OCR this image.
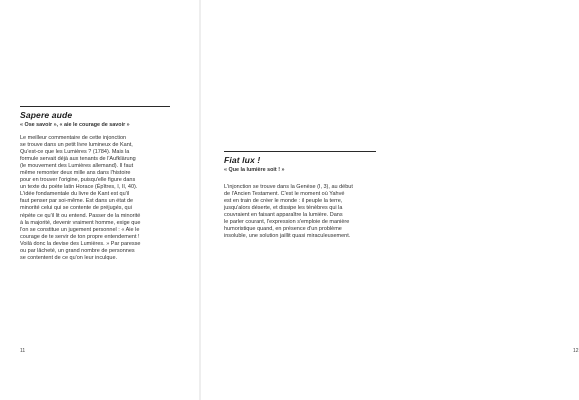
Sapere aude
« Ose savoir », « aie le courage de savoir »
Le meilleur commentaire de cette injonction
se trouve dans un petit livre lumineux de Kant,
Qu'est-ce que les Lumières ? (1784). Mais la
formule servait déjà aux tenants de l'Aufklärung
(le mouvement des Lumières allemand). Il faut
même remonter deux mille ans dans l'histoire
pour en trouver l'origine, puisqu'elle figure dans
un texte du poète latin Horace (Épîtres, I, II, 40).
L'idée fondamentale du livre de Kant est qu'il
faut penser par soi-même. Est dans un état de
minorité celui qui se contente de préjugés, qui
répète ce qu'il lit ou entend. Passer de la minorité
à la majorité, devenir vraiment homme, exige que
l'on se constitue un jugement personnel : « Aie le
courage de te servir de ton propre entendement !
Voilà donc la devise des Lumières. » Par paresse
ou par lâcheté, un grand nombre de personnes
se contentent de ce qu'on leur inculque.
11
Fiat lux !
« Que la lumière soit ! »
L'injonction se trouve dans la Genèse (I, 3), au début
de l'Ancien Testament. C'est le moment où Yahvé
est en train de créer le monde : il peuple la terre,
jusqu'alors déserte, et dissipe les ténèbres qui la
couvraient en faisant apparaître la lumière. Dans
le parler courant, l'expression s'emploie de manière
humoristique quand, en présence d'un problème
insoluble, une solution jaillit quasi miraculeusement.
12
